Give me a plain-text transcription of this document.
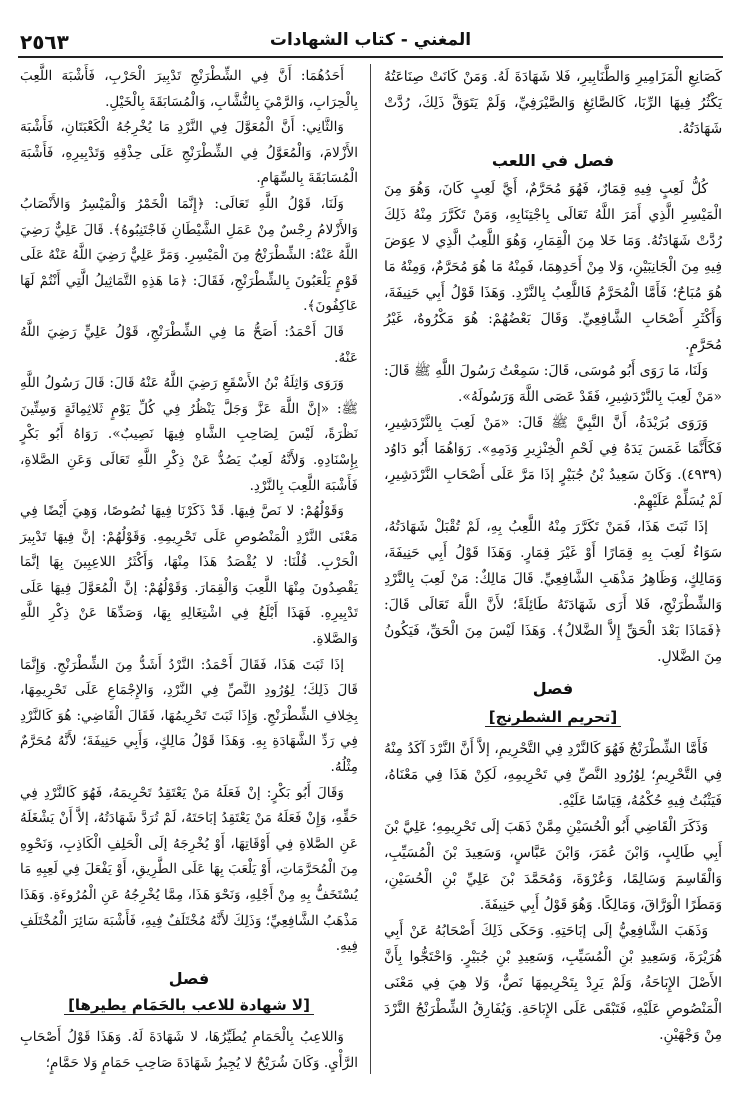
٢٥٦٣	المغني - كتاب الشهادات

كَصَانِعِ الْمَزَامِيرِ وَالطَّنَابِيرِ، فَلا شَهَادَةَ لَهُ. وَمَنْ كَانَتْ صِنَاعَتُهُ يَكْثُرُ فِيهَا الرِّبَا، كَالصَّائِغِ وَالصَّيْرَفِيِّ، وَلَمْ يَتَوَقَّ ذَلِكَ، رُدَّتْ شَهَادَتُهُ.

فصل في اللعب

كُلُّ لَعِبٍ فِيهِ قِمَارٌ، فَهُوَ مُحَرَّمٌ، أَيَّ لَعِبٍ كَانَ، وَهُوَ مِنَ الْمَيْسِرِ الَّذِي أَمَرَ اللَّهُ تَعَالَى بِاجْتِنَابِهِ، وَمَنْ تَكَرَّرَ مِنْهُ ذَلِكَ رُدَّتْ شَهَادَتُهُ. وَمَا خَلا مِنَ الْقِمَارِ، وَهُوَ اللَّعِبُ الَّذِي لا عِوَضَ فِيهِ مِنَ الْجَانِبَيْنِ، وَلا مِنْ أَحَدِهِمَا، فَمِنْهُ مَا هُوَ مُحَرَّمٌ، وَمِنْهُ مَا هُوَ مُبَاحٌ؛ فَأَمَّا الْمُحَرَّمُ فَاللَّعِبُ بِالنَّرْدِ. وَهَذَا قَوْلُ أَبِي حَنِيفَةَ، وَأَكْثَرِ أَصْحَابِ الشَّافِعِيِّ. وَقَالَ بَعْضُهُمْ: هُوَ مَكْرُوهٌ، غَيْرُ مُحَرَّمٍ.

وَلَنَا، مَا رَوَى أَبُو مُوسَى، قَالَ: سَمِعْتُ رَسُولَ اللَّهِ ﷺ قَالَ: «مَنْ لَعِبَ بِالنَّرْدَشِيرِ، فَقَدْ عَصَى اللَّهَ وَرَسُولَهُ».

وَرَوَى بُرَيْدَةُ، أَنَّ النَّبِيَّ ﷺ قَالَ: «مَنْ لَعِبَ بِالنَّرْدَشِيرِ، فَكَأَنَّمَا غَمَسَ يَدَهُ فِي لَحْمِ الْخِنْزِيرِ وَدَمِهِ». رَوَاهُمَا أَبُو دَاوُد (٤٩٣٩). وَكَانَ سَعِيدُ بْنُ جُبَيْرٍ إذَا مَرَّ عَلَى أَصْحَابِ النَّرْدَشِيرِ، لَمْ يُسَلِّمْ عَلَيْهِمْ.

إذَا ثَبَتَ هَذَا، فَمَنْ تَكَرَّرَ مِنْهُ اللَّعِبُ بِهِ، لَمْ تُقْبَلْ شَهَادَتُهُ، سَوَاءٌ لَعِبَ بِهِ قِمَارًا أَوْ غَيْرَ قِمَارٍ. وَهَذَا قَوْلُ أَبِي حَنِيفَةَ، وَمَالِكٍ، وَظَاهِرُ مَذْهَبِ الشَّافِعِيِّ. قَالَ مَالِكٌ: مَنْ لَعِبَ بِالنَّرْدِ وَالشِّطْرَنْجِ، فَلا أَرَى شَهَادَتَهُ طَائِلَةً؛ لأَنَّ اللَّهَ تَعَالَى قَالَ: ﴿فَمَاذَا بَعْدَ الْحَقِّ إِلاَّ الضَّلالُ﴾. وَهَذَا لَيْسَ مِنَ الْحَقِّ، فَيَكُونُ مِنَ الضَّلالِ.

فصل
[تحريم الشطرنج]

فَأَمَّا الشِّطْرَنْجُ فَهُوَ كَالنَّرْدِ فِي التَّحْرِيمِ، إلاَّ أَنَّ النَّرْدَ آكَدُ مِنْهُ فِي التَّحْرِيمِ؛ لِوُرُودِ النَّصِّ فِي تَحْرِيمِهِ، لَكِنْ هَذَا فِي مَعْنَاهُ، فَيَثْبُتُ فِيهِ حُكْمُهُ، قِيَاسًا عَلَيْهِ.

وَذَكَرَ الْقَاضِي أَبُو الْحُسَيْنِ مِمَّنْ ذَهَبَ إلَى تَحْرِيمِهِ؛ عَلِيَّ بْنَ أَبِي طَالِبٍ، وَابْنَ عُمَرَ، وَابْنَ عَبَّاسٍ، وَسَعِيدَ بْنَ الْمُسَيِّبِ، وَالْقَاسِمَ وَسَالِمًا، وَعُرْوَةَ، وَمُحَمَّدَ بْنَ عَلِيِّ بْنِ الْحُسَيْنِ، وَمَطَرًا الْوَرَّاقَ، وَمَالِكًا. وَهُوَ قَوْلُ أَبِي حَنِيفَةَ.

وَذَهَبَ الشَّافِعِيُّ إلَى إبَاحَتِهِ. وَحَكَى ذَلِكَ أَصْحَابُهُ عَنْ أَبِي هُرَيْرَةَ، وَسَعِيدِ بْنِ الْمُسَيِّبِ، وَسَعِيدِ بْنِ جُبَيْرٍ. وَاحْتَجُّوا بِأَنَّ الأَصْلَ الإِبَاحَةُ، وَلَمْ يَرِدْ بِتَحْرِيمِهَا نَصٌّ، وَلا هِيَ فِي مَعْنَى الْمَنْصُوصِ عَلَيْهِ، فَتَبْقَى عَلَى الإِبَاحَةِ. وَيُفَارِقُ الشِّطْرَنْجُ النَّرْدَ مِنْ وَجْهَيْنِ.

أَحَدُهُمَا: أَنَّ فِي الشِّطْرَنْجِ تَدْبِيرَ الْحَرْبِ، فَأَشْبَهَ اللَّعِبَ بِالْحِرَابِ، وَالرَّمْيَ بِالنُّشَّابِ، وَالْمُسَابَقَةَ بِالْخَيْلِ.

وَالثَّانِي: أَنَّ الْمُعَوَّلَ فِي النَّرْدِ مَا يُخْرِجُهُ الْكَعْبَتَانِ، فَأَشْبَهَ الأَزْلامَ، وَالْمُعَوَّلُ فِي الشِّطْرَنْجِ عَلَى حِذْقِهِ وَتَدْبِيرِهِ، فَأَشْبَهَ الْمُسَابَقَةَ بِالسِّهَامِ.

وَلَنَا، قَوْلُ اللَّهِ تَعَالَى: ﴿إِنَّمَا الْخَمْرُ وَالْمَيْسِرُ وَالأَنْصَابُ وَالأَزْلامُ رِجْسٌ مِنْ عَمَلِ الشَّيْطَانِ فَاجْتَنِبُوهُ﴾. قَالَ عَلِيٌّ رَضِيَ اللَّهُ عَنْهُ: الشِّطْرَنْجُ مِنَ الْمَيْسِرِ. وَمَرَّ عَلِيٌّ رَضِيَ اللَّهُ عَنْهُ عَلَى قَوْمٍ يَلْعَبُونَ بِالشِّطْرَنْجِ، فَقَالَ: ﴿مَا هَذِهِ التَّمَاثِيلُ الَّتِي أَنْتُمْ لَهَا عَاكِفُونَ﴾.

قَالَ أَحْمَدُ: أَصَحُّ مَا فِي الشِّطْرَنْجِ، قَوْلُ عَلِيٍّ رَضِيَ اللَّهُ عَنْهُ.

وَرَوَى وَاثِلَةُ بْنُ الأَسْقَعِ رَضِيَ اللَّهُ عَنْهُ قَالَ: قَالَ رَسُولُ اللَّهِ ﷺ: «إنَّ اللَّهَ عَزَّ وَجَلَّ يَنْظُرُ فِي كُلِّ يَوْمٍ ثَلاثِمِائَةٍ وَسِتِّينَ نَظْرَةً، لَيْسَ لِصَاحِبِ الشَّاهِ فِيهَا نَصِيبٌ». رَوَاهُ أَبُو بَكْرٍ بِإِسْنَادِهِ. وَلأَنَّهُ لَعِبٌ يَصُدُّ عَنْ ذِكْرِ اللَّهِ تَعَالَى وَعَنِ الصَّلاةِ، فَأَشْبَهَ اللَّعِبَ بِالنَّرْدِ.

وَقَوْلُهُمْ: لا نَصَّ فِيهَا. قَدْ ذَكَرْنَا فِيهَا نُصُوصًا، وَهِيَ أَيْضًا فِي مَعْنَى النَّرْدِ الْمَنْصُوصِ عَلَى تَحْرِيمِهِ. وَقَوْلُهُمْ: إنَّ فِيهَا تَدْبِيرَ الْحَرْبِ. قُلْنَا: لا يُقْصَدُ هَذَا مِنْهَا، وَأَكْثَرُ اللاعِبِينَ بِهَا إنَّمَا يَقْصِدُونَ مِنْهَا اللَّعِبَ وَالْقِمَارَ. وَقَوْلُهُمْ: إنَّ الْمُعَوَّلَ فِيهَا عَلَى تَدْبِيرِهِ. فَهَذَا أَبْلَغُ فِي اشْتِغَالِهِ بِهَا، وَصَدِّهَا عَنْ ذِكْرِ اللَّهِ وَالصَّلاةِ.

إذَا ثَبَتَ هَذَا، فَقَالَ أَحْمَدُ: النَّرْدُ أَشَدُّ مِنَ الشِّطْرَنْجِ. وَإِنَّمَا قَالَ ذَلِكَ؛ لِوُرُودِ النَّصِّ فِي النَّرْدِ، وَالإِجْمَاعِ عَلَى تَحْرِيمِهَا، بِخِلافِ الشِّطْرَنْجِ. وَإِذَا ثَبَتَ تَحْرِيمُهَا، فَقَالَ الْقَاضِي: هُوَ كَالنَّرْدِ فِي رَدِّ الشَّهَادَةِ بِهِ. وَهَذَا قَوْلُ مَالِكٍ، وَأَبِي حَنِيفَةَ؛ لأَنَّهُ مُحَرَّمٌ مِثْلُهُ.

وَقَالَ أَبُو بَكْرٍ: إنْ فَعَلَهُ مَنْ يَعْتَقِدُ تَحْرِيمَهُ، فَهُوَ كَالنَّرْدِ فِي حَقِّهِ، وَإِنْ فَعَلَهُ مَنْ يَعْتَقِدُ إبَاحَتَهُ، لَمْ تُرَدَّ شَهَادَتُهُ، إلاَّ أَنْ يَشْغَلَهُ عَنِ الصَّلاةِ فِي أَوْقَاتِهَا، أَوْ يُخْرِجَهُ إلَى الْحَلِفِ الْكَاذِبِ، وَنَحْوِهِ مِنَ الْمُحَرَّمَاتِ، أَوْ يَلْعَبَ بِهَا عَلَى الطَّرِيقِ، أَوْ يَفْعَلَ فِي لَعِبِهِ مَا يُسْتَخَفُّ بِهِ مِنْ أَجْلِهِ، وَنَحْوَ هَذَا، مِمَّا يُخْرِجُهُ عَنِ الْمُرُوءَةِ. وَهَذَا مَذْهَبُ الشَّافِعِيِّ؛ وَذَلِكَ لأَنَّهُ مُخْتَلَفٌ فِيهِ، فَأَشْبَهَ سَائِرَ الْمُخْتَلَفِ فِيهِ.

فصل
[لا شهادة للاعب بالحَمَام يطيرها]

وَاللاعِبُ بِالْحَمَامِ يُطَيِّرُهَا، لا شَهَادَةَ لَهُ. وَهَذَا قَوْلُ أَصْحَابِ الرَّأْيِ. وَكَانَ شُرَيْحٌ لا يُجِيزُ شَهَادَةَ صَاحِبِ حَمَامٍ وَلا حَمَّامٍ؛
